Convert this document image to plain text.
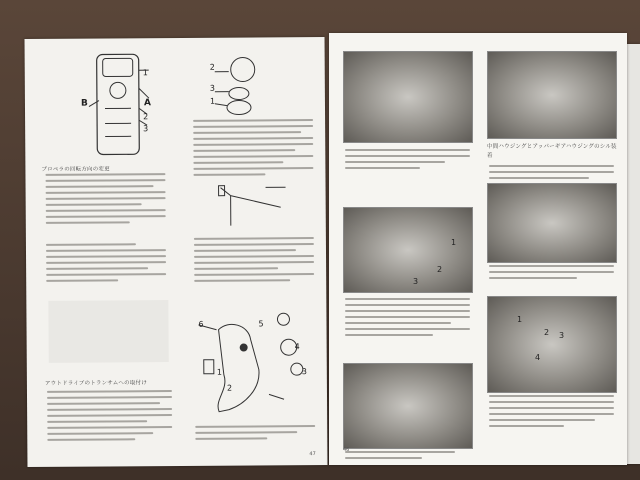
B	A
1
2
3
プロペラの回転方向の変更
アウトドライブのトランサムへの取付け
2
3
1
6	5
4
3
2
1
47
1
2
3
46
中間ハウジングとアッパーギアハウジングのシル装着
1
2 3
4
